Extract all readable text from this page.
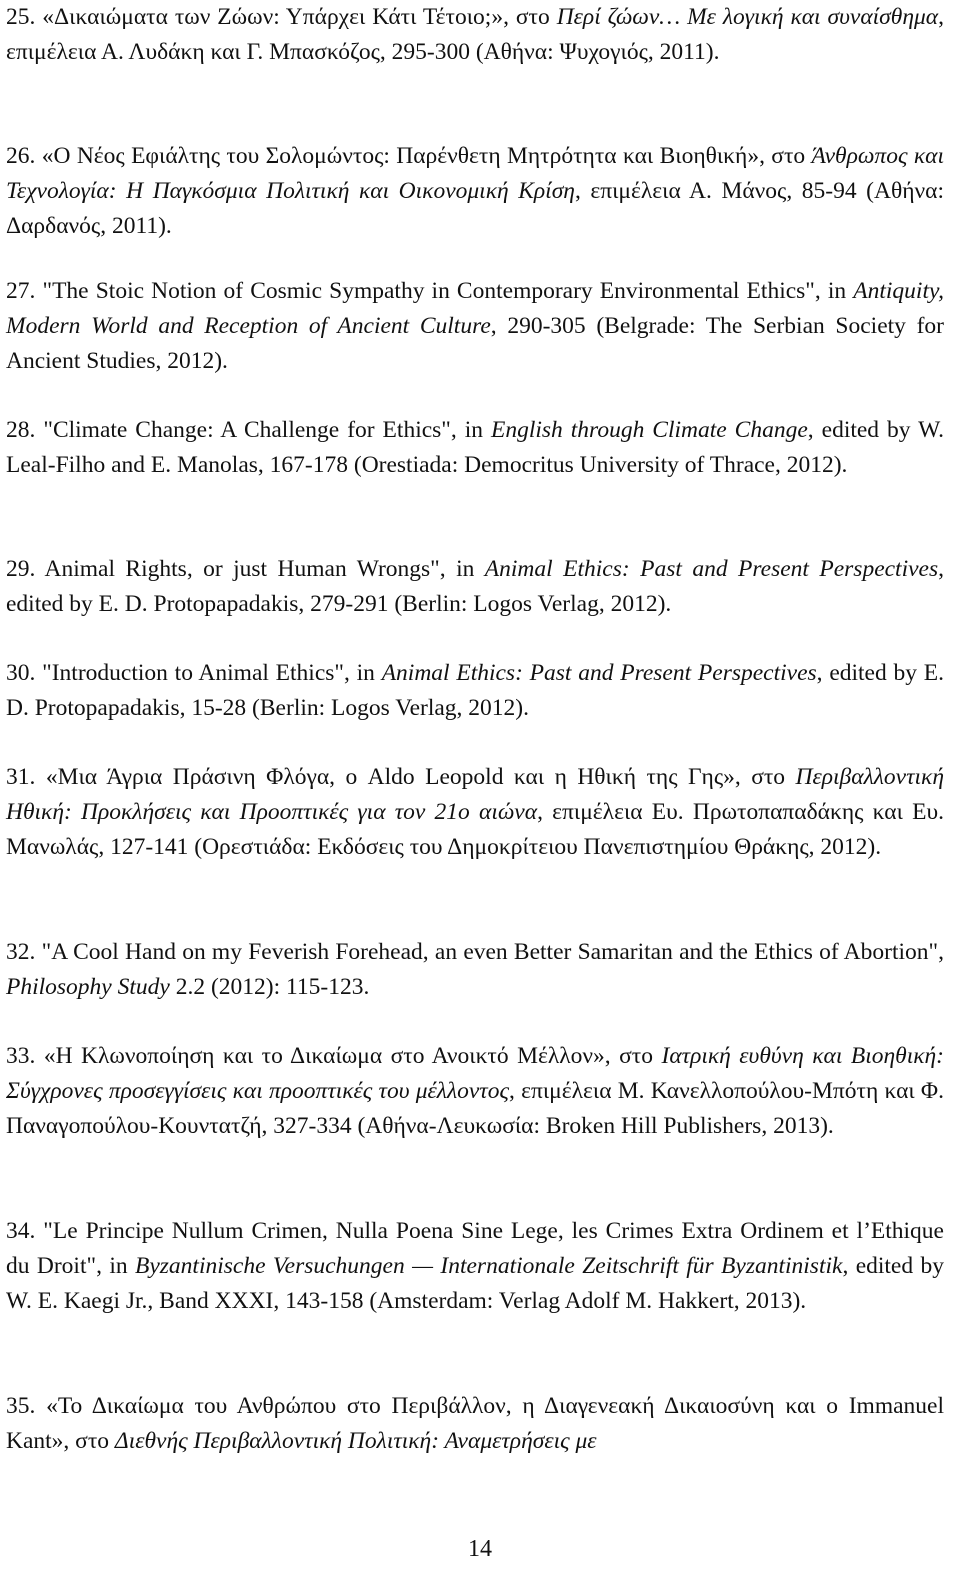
25. «Δικαιώματα των Ζώων: Υπάρχει Κάτι Τέτοιο;», στο Περί ζώων… Με λογική και συναίσθημα, επιμέλεια Α. Λυδάκη και Γ. Μπασκόζος, 295-300 (Αθήνα: Ψυχογιός, 2011).

26. «Ο Νέος Εφιάλτης του Σολομώντος: Παρένθετη Μητρότητα και Βιοηθική», στο Άνθρωπος και Τεχνολογία: Η Παγκόσμια Πολιτική και Οικονομική Κρίση, επιμέλεια Α. Μάνος, 85-94 (Αθήνα: Δαρδανός, 2011).

27. "The Stoic Notion of Cosmic Sympathy in Contemporary Environmental Ethics", in Antiquity, Modern World and Reception of Ancient Culture, 290-305 (Belgrade: The Serbian Society for Ancient Studies, 2012).

28. "Climate Change: A Challenge for Ethics", in English through Climate Change, edited by W. Leal-Filho and E. Manolas, 167-178 (Orestiada: Democritus University of Thrace, 2012).

29. Animal Rights, or just Human Wrongs", in Animal Ethics: Past and Present Perspectives, edited by E. D. Protopapadakis, 279-291 (Berlin: Logos Verlag, 2012).

30. "Introduction to Animal Ethics", in Animal Ethics: Past and Present Perspectives, edited by E. D. Protopapadakis, 15-28 (Berlin: Logos Verlag, 2012).

31. «Μια Άγρια Πράσινη Φλόγα, ο Aldo Leopold και η Ηθική της Γης», στο Περιβαλλοντική Ηθική: Προκλήσεις και Προοπτικές για τον 21ο αιώνα, επιμέλεια Ευ. Πρωτοπαπαδάκης και Ευ. Μανωλάς, 127-141 (Ορεστιάδα: Εκδόσεις του Δημοκρίτειου Πανεπιστημίου Θράκης, 2012).

32. "A Cool Hand on my Feverish Forehead, an even Better Samaritan and the Ethics of Abortion", Philosophy Study 2.2 (2012): 115-123.

33. «Η Κλωνοποίηση και το Δικαίωμα στο Ανοικτό Μέλλον», στο Ιατρική ευθύνη και Βιοηθική: Σύγχρονες προσεγγίσεις και προοπτικές του μέλλοντος, επιμέλεια Μ. Κανελλοπούλου-Μπότη και Φ. Παναγοπούλου-Κουντατζή, 327-334 (Αθήνα-Λευκωσία: Broken Hill Publishers, 2013).

34. "Le Principe Nullum Crimen, Nulla Poena Sine Lege, les Crimes Extra Ordinem et l’Ethique du Droit", in Byzantinische Versuchungen — Internationale Zeitschrift für Byzantinistik, edited by W. E. Kaegi Jr., Band XXXI, 143-158 (Amsterdam: Verlag Adolf M. Hakkert, 2013).

35. «Το Δικαίωμα του Ανθρώπου στο Περιβάλλον, η Διαγενεακή Δικαιοσύνη και ο Immanuel Kant», στο Διεθνής Περιβαλλοντική Πολιτική: Αναμετρήσεις με

14
